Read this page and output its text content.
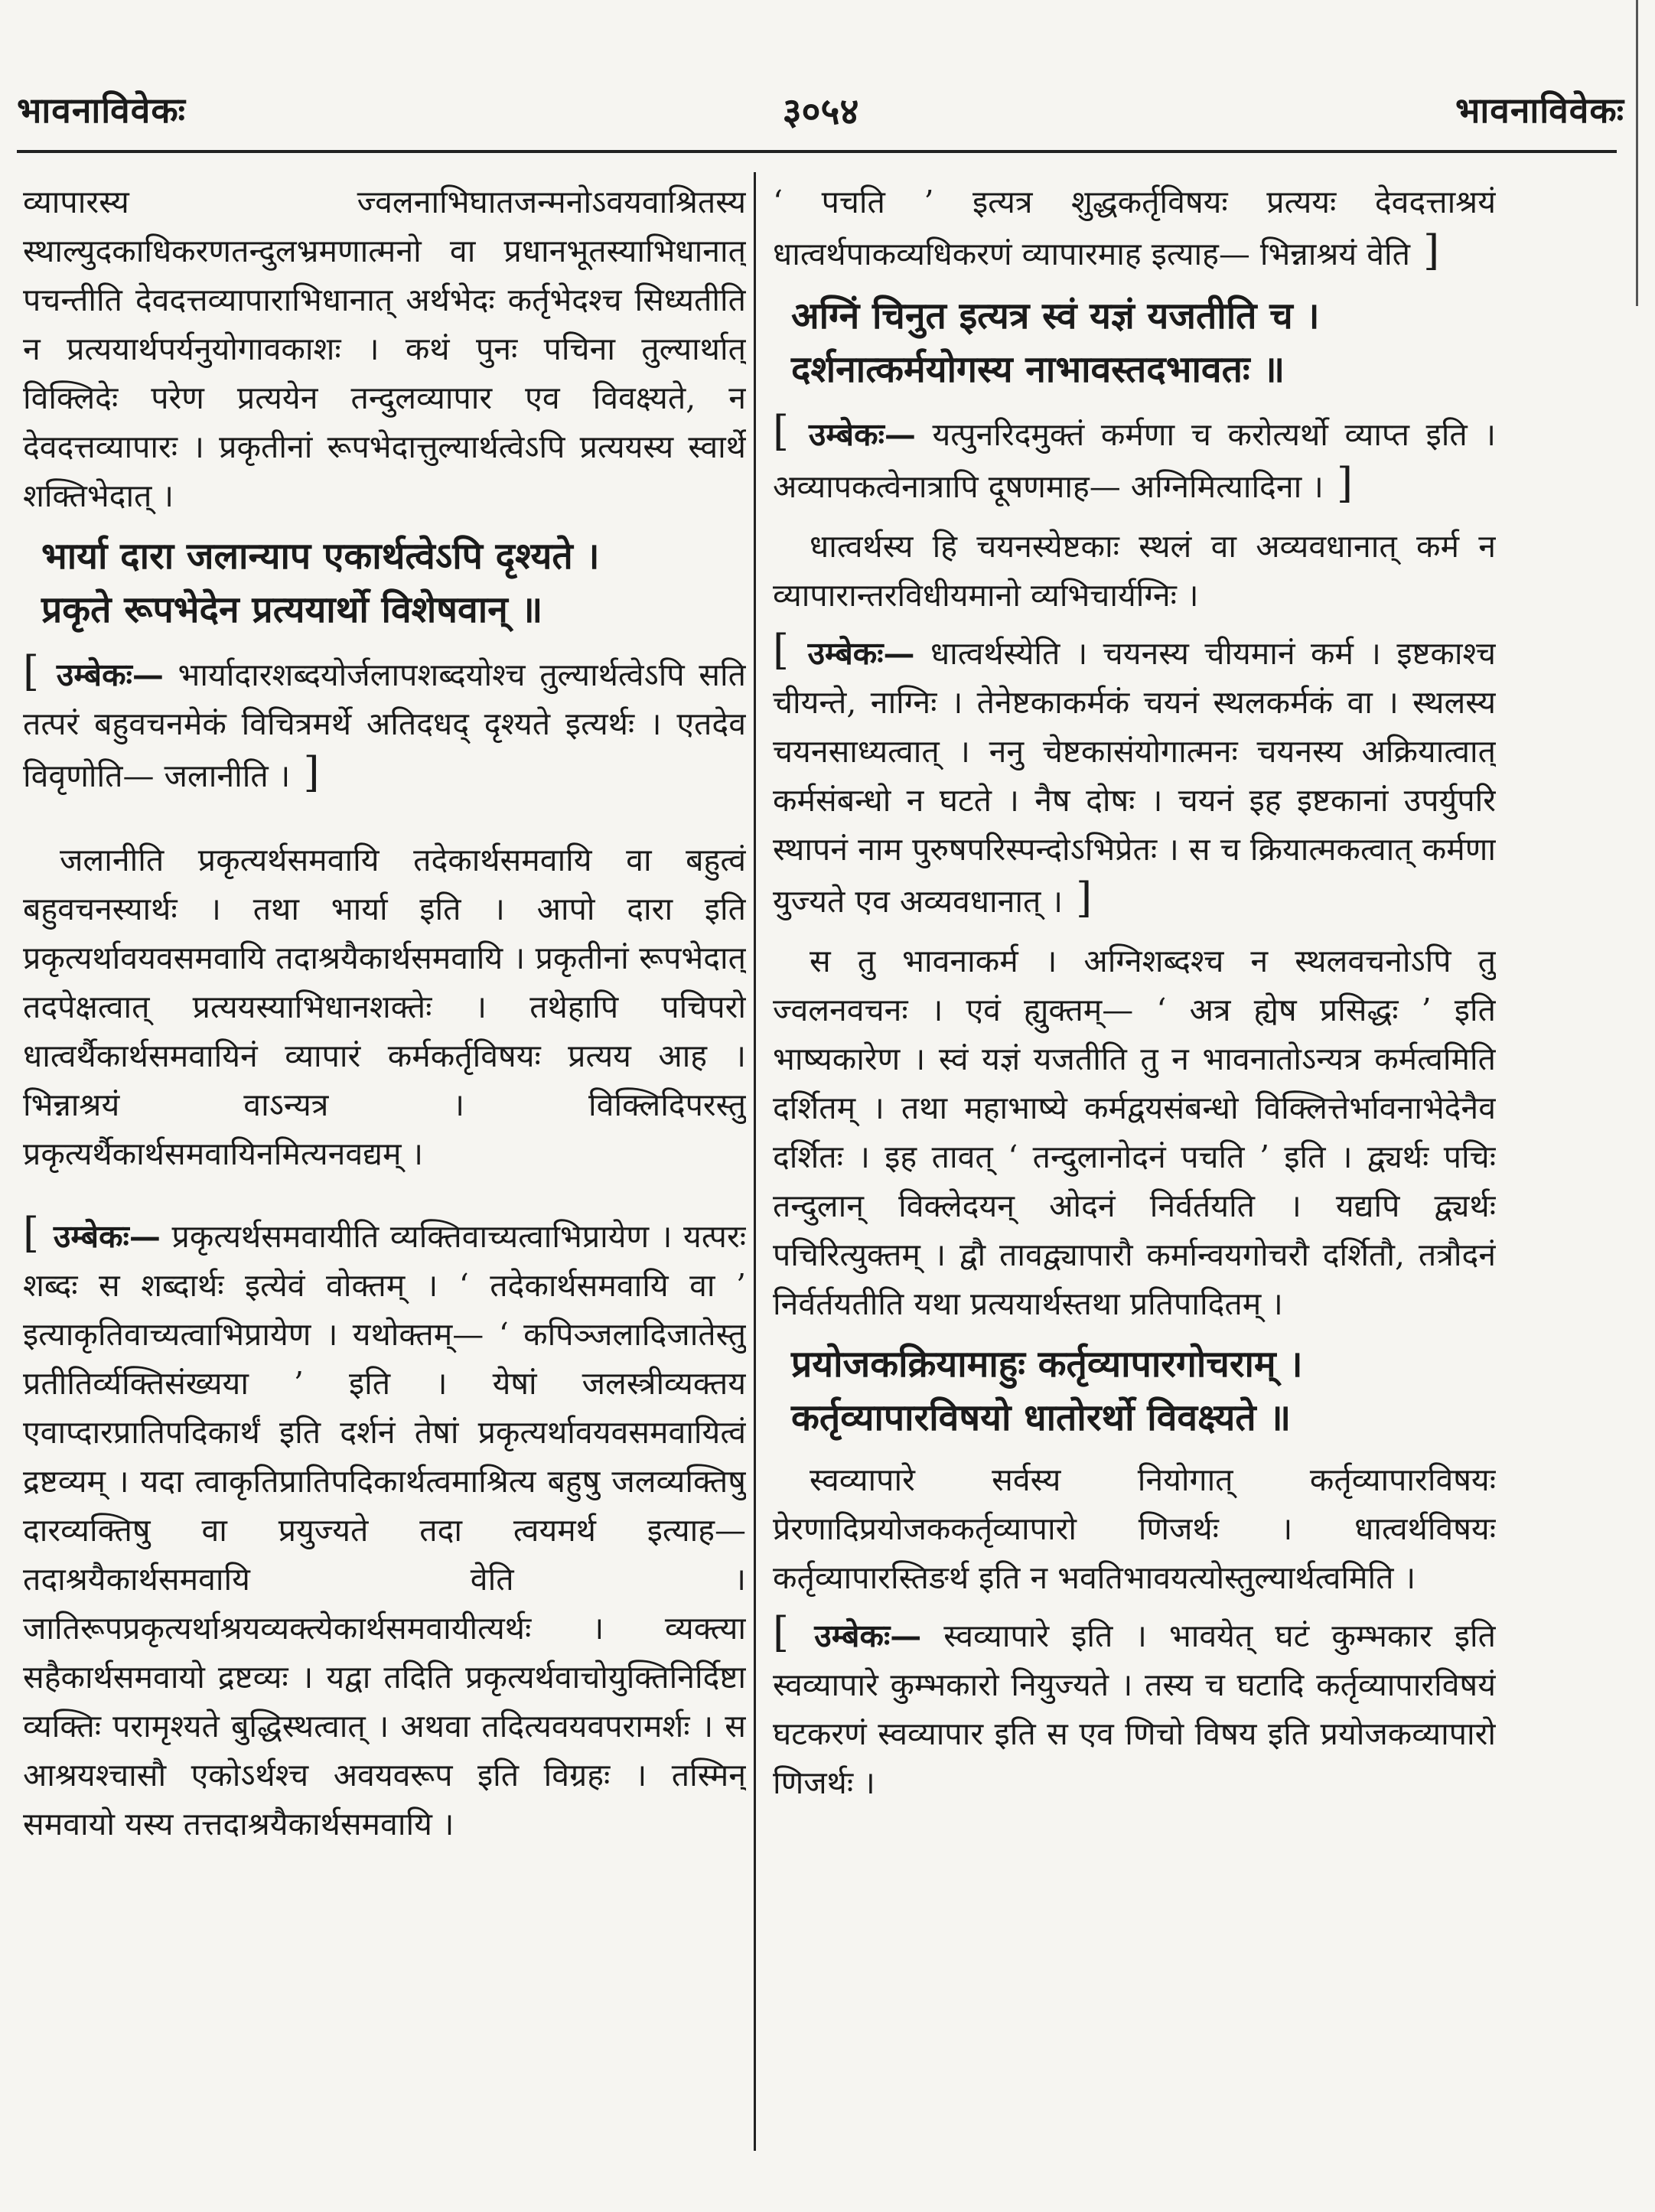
भावनाविवेकः	३०५४	भावनाविवेकः

व्यापारस्य ज्वलनाभिघातजन्मनोऽवयवाश्रितस्य स्थाल्युदकाधिकरणतन्दुलभ्रमणात्मनो वा प्रधानभूतस्याभिधानात् पचन्तीति देवदत्तव्यापाराभिधानात् अर्थभेदः कर्तृभेदश्च सिध्यतीति न प्रत्ययार्थपर्यनुयोगावकाशः । कथं पुनः पचिना तुल्यार्थात् विक्लिदेः परेण प्रत्ययेन तन्दुलव्यापार एव विवक्ष्यते, न देवदत्तव्यापारः । प्रकृतीनां रूपभेदात्तुल्यार्थत्वेऽपि प्रत्ययस्य स्वार्थे शक्तिभेदात् ।

भार्या दारा जलान्याप एकार्थत्वेऽपि दृश्यते ।
प्रकृते रूपभेदेन प्रत्ययार्थो विशेषवान् ॥

[ उम्बेकः— भार्यादारशब्दयोर्जलापशब्दयोश्च तुल्यार्थत्वेऽपि सति तत्परं बहुवचनमेकं विचित्रमर्थे अतिदधद् दृश्यते इत्यर्थः । एतदेव विवृणोति— जलानीति । ]

जलानीति प्रकृत्यर्थसमवायि तदेकार्थसमवायि वा बहुत्वं बहुवचनस्यार्थः । तथा भार्या इति । आपो दारा इति प्रकृत्यर्थावयवसमवायि तदाश्रयैकार्थसमवायि । प्रकृतीनां रूपभेदात् तदपेक्षत्वात् प्रत्ययस्याभिधानशक्तेः । तथेहापि पचिपरो धात्वर्थैकार्थसमवायिनं व्यापारं कर्मकर्तृविषयः प्रत्यय आह । भिन्नाश्रयं वाऽन्यत्र । विक्लिदिपरस्तु प्रकृत्यर्थैकार्थसमवायिनमित्यनवद्यम् ।

[ उम्बेकः— प्रकृत्यर्थसमवायीति व्यक्तिवाच्यत्वाभिप्रायेण । यत्परः शब्दः स शब्दार्थः इत्येवं वोक्तम् । ‘ तदेकार्थसमवायि वा ’ इत्याकृतिवाच्यत्वाभिप्रायेण । यथोक्तम्— ‘ कपिञ्जलादिजातेस्तु प्रतीतिर्व्यक्तिसंख्यया ’ इति । येषां जलस्त्रीव्यक्तय एवाप्दारप्रातिपदिकार्थं इति दर्शनं तेषां प्रकृत्यर्थावयवसमवायित्वं द्रष्टव्यम् । यदा त्वाकृतिप्रातिपदिकार्थत्वमाश्रित्य बहुषु जलव्यक्तिषु दारव्यक्तिषु वा प्रयुज्यते तदा त्वयमर्थ इत्याह— तदाश्रयैकार्थसमवायि वेति । जातिरूपप्रकृत्यर्थाश्रयव्यक्त्येकार्थसमवायीत्यर्थः । व्यक्त्या सहैकार्थसमवायो द्रष्टव्यः । यद्वा तदिति प्रकृत्यर्थवाचोयुक्तिनिर्दिष्टा व्यक्तिः परामृश्यते बुद्धिस्थत्वात् । अथवा तदित्यवयवपरामर्शः । स आश्रयश्चासौ एकोऽर्थश्च अवयवरूप इति विग्रहः । तस्मिन् समवायो यस्य तत्तदाश्रयैकार्थसमवायि ।

‘ पचति ’ इत्यत्र शुद्धकर्तृविषयः प्रत्ययः देवदत्ताश्रयं धात्वर्थपाकव्यधिकरणं व्यापारमाह इत्याह— भिन्नाश्रयं वेति ]

अग्निं चिनुत इत्यत्र स्वं यज्ञं यजतीति च ।
दर्शनात्कर्मयोगस्य नाभावस्तदभावतः ॥

[ उम्बेकः— यत्पुनरिदमुक्तं कर्मणा च करोत्यर्थो व्याप्त इति । अव्यापकत्वेनात्रापि दूषणमाह— अग्निमित्यादिना । ]

धात्वर्थस्य हि चयनस्येष्टकाः स्थलं वा अव्यवधानात् कर्म न व्यापारान्तरविधीयमानो व्यभिचार्यग्निः ।

[ उम्बेकः— धात्वर्थस्येति । चयनस्य चीयमानं कर्म । इष्टकाश्च चीयन्ते, नाग्निः । तेनेष्टकाकर्मकं चयनं स्थलकर्मकं वा । स्थलस्य चयनसाध्यत्वात् । ननु चेष्टकासंयोगात्मनः चयनस्य अक्रियात्वात् कर्मसंबन्धो न घटते । नैष दोषः । चयनं इह इष्टकानां उपर्युपरि स्थापनं नाम पुरुषपरिस्पन्दोऽभिप्रेतः । स च क्रियात्मकत्वात् कर्मणा युज्यते एव अव्यवधानात् । ]

स तु भावनाकर्म । अग्निशब्दश्च न स्थलवचनोऽपि तु ज्वलनवचनः । एवं ह्युक्तम्— ‘ अत्र ह्येष प्रसिद्धः ’ इति भाष्यकारेण । स्वं यज्ञं यजतीति तु न भावनातोऽन्यत्र कर्मत्वमिति दर्शितम् । तथा महाभाष्ये कर्मद्वयसंबन्धो विक्लित्तेर्भावनाभेदेनैव दर्शितः । इह तावत् ‘ तन्दुलानोदनं पचति ’ इति । द्व्यर्थः पचिः तन्दुलान् विक्लेदयन् ओदनं निर्वर्तयति । यद्यपि द्व्यर्थः पचिरित्युक्तम् । द्वौ तावद्व्यापारौ कर्मान्वयगोचरौ दर्शितौ, तत्रौदनं निर्वर्तयतीति यथा प्रत्ययार्थस्तथा प्रतिपादितम् ।

प्रयोजकक्रियामाहुः कर्तृव्यापारगोचराम् ।
कर्तृव्यापारविषयो धातोरर्थो विवक्ष्यते ॥

स्वव्यापारे सर्वस्य नियोगात् कर्तृव्यापारविषयः प्रेरणादिप्रयोजककर्तृव्यापारो णिजर्थः । धात्वर्थविषयः कर्तृव्यापारस्तिङर्थ इति न भवतिभावयत्योस्तुल्यार्थत्वमिति ।

[ उम्बेकः— स्वव्यापारे इति । भावयेत् घटं कुम्भकार इति स्वव्यापारे कुम्भकारो नियुज्यते । तस्य च घटादि कर्तृव्यापारविषयं घटकरणं स्वव्यापार इति स एव णिचो विषय इति प्रयोजकव्यापारो णिजर्थः ।
